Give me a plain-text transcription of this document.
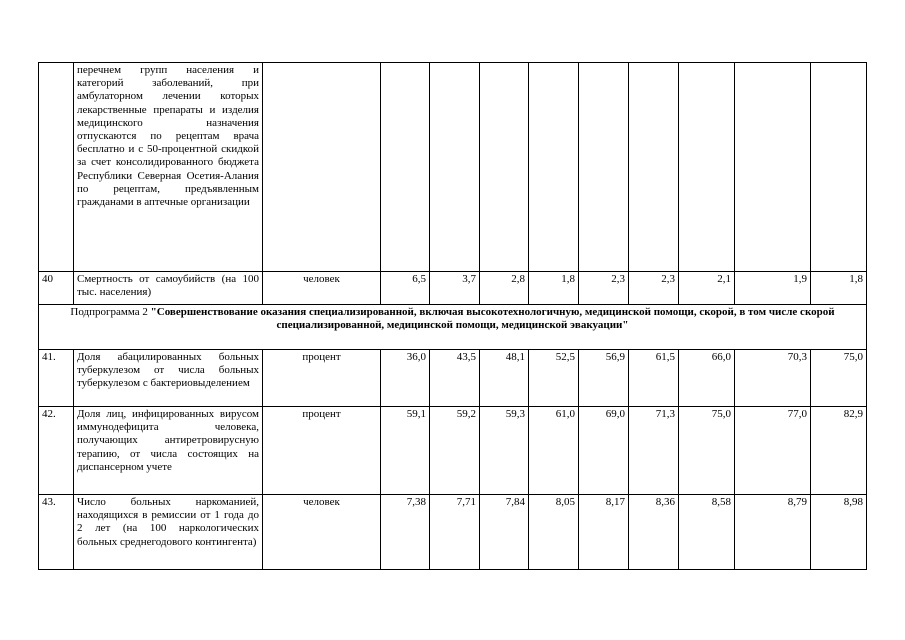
	перечнем групп населения и категорий заболеваний, при амбулаторном лечении которых лекарственные препараты и изделия медицинского назначения отпускаются по рецептам врача бесплатно и с 50-процентной скидкой за счет консолидированного бюджета Республики Северная Осетия-Алания по рецептам, предъявленным гражданами в аптечные организации										
40	Смертность от самоубийств (на 100 тыс. населения)	человек	6,5	3,7	2,8	1,8	2,3	2,3	2,1	1,9	1,8
Подпрограмма 2 "Совершенствование оказания специализированной, включая высокотехнологичную, медицинской помощи, скорой, в том числе скорой специализированной, медицинской помощи, медицинской эвакуации"											
41.	Доля абацилированных больных туберкулезом от числа больных туберкулезом с бактериовыделением	процент	36,0	43,5	48,1	52,5	56,9	61,5	66,0	70,3	75,0
42.	Доля лиц, инфицированных вирусом иммунодефицита человека, получающих антиретровирусную терапию, от числа состоящих на диспансерном учете	процент	59,1	59,2	59,3	61,0	69,0	71,3	75,0	77,0	82,9
43.	Число больных наркоманией, находящихся в ремиссии от 1 года до 2 лет (на 100 наркологических больных среднегодового контингента)	человек	7,38	7,71	7,84	8,05	8,17	8,36	8,58	8,79	8,98
